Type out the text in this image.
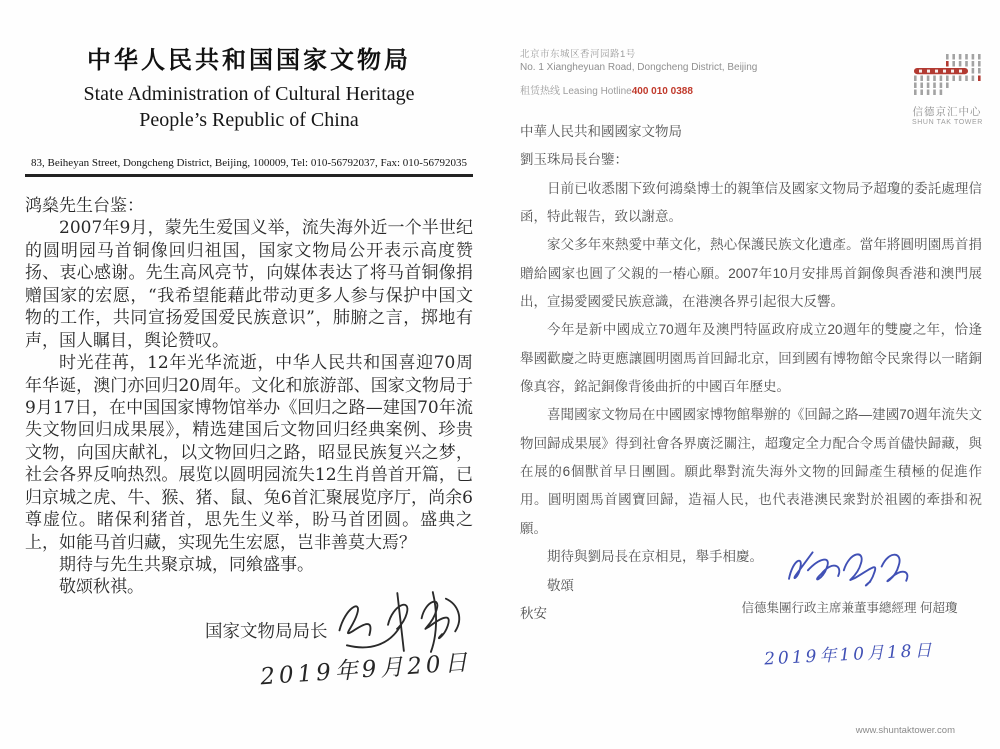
中华人民共和国国家文物局
State Administration of Cultural Heritage
People’s Republic of China
83, Beiheyan Street, Dongcheng District, Beijing, 100009, Tel: 010-56792037, Fax: 010-56792035

鸿燊先生台鉴：

2007年9月，蒙先生爱国义举，流失海外近一个半世纪的圆明园马首铜像回归祖国，国家文物局公开表示高度赞扬、衷心感谢。先生高风亮节，向媒体表达了将马首铜像捐赠国家的宏愿，“我希望能藉此带动更多人参与保护中国文物的工作，共同宣扬爱国爱民族意识”，肺腑之言，掷地有声，国人瞩目，舆论赞叹。

时光荏苒，12年光华流逝，中华人民共和国喜迎70周年华诞，澳门亦回归20周年。文化和旅游部、国家文物局于9月17日，在中国国家博物馆举办《回归之路—建国70年流失文物回归成果展》，精选建国后文物回归经典案例、珍贵文物，向国庆献礼，以文物回归之路，昭显民族复兴之梦，社会各界反响热烈。展览以圆明园流失12生肖兽首开篇，已归京城之虎、牛、猴、猪、鼠、兔6首汇聚展览序厅，尚余6尊虚位。睹保利猪首，思先生义举，盼马首团圆。盛典之上，如能马首归藏，实现先生宏愿，岂非善莫大焉？

期待与先生共聚京城，同飨盛事。

敬颂秋祺。

国家文物局局长
2019年9月20日
北京市东城区香河园路1号
No. 1 Xiangheyuan Road, Dongcheng District, Beijing
租赁热线 Leasing Hotline400 010 0388
信德京汇中心
SHUN TAK TOWER

中華人民共和國國家文物局

劉玉珠局長台鑒：

日前已收悉閣下致何鴻燊博士的親筆信及國家文物局予超瓊的委託處理信函，特此報告，致以謝意。

家父多年來熱愛中華文化，熱心保護民族文化遺產。當年將圓明園馬首捐贈給國家也圓了父親的一樁心願。2007年10月安排馬首銅像與香港和澳門展出，宣揚愛國愛民族意識，在港澳各界引起很大反響。

今年是新中國成立70週年及澳門特區政府成立20週年的雙慶之年，恰逢舉國歡慶之時更應讓圓明園馬首回歸北京，回到國有博物館令民衆得以一睹銅像真容，銘記銅像背後曲折的中國百年歷史。

喜聞國家文物局在中國國家博物館舉辦的《回歸之路—建國70週年流失文物回歸成果展》得到社會各界廣泛關注，超瓊定全力配合令馬首儘快歸藏，與在展的6個獸首早日團圓。願此舉對流失海外文物的回歸產生積極的促進作用。圓明園馬首國寶回歸，造福人民，也代表港澳民衆對於祖國的牽掛和祝願。

期待與劉局長在京相見，舉手相慶。

敬頌

秋安	信德集團行政主席兼董事總經理 何超瓊
2019年10月18日
www.shuntaktower.com
